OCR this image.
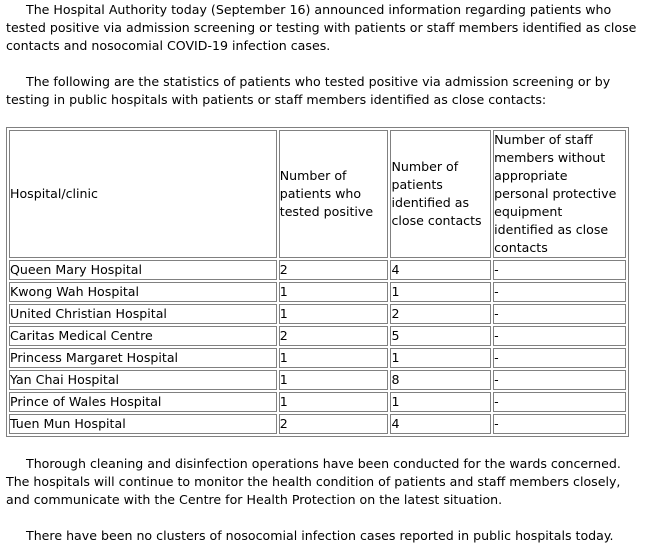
The Hospital Authority today (September 16) announced information regarding patients who tested positive via admission screening or testing with patients or staff members identified as close contacts and nosocomial COVID-19 infection cases.

The following are the statistics of patients who tested positive via admission screening or by testing in public hospitals with patients or staff members identified as close contacts:

Hospital/clinic	Number of patients who tested positive	Number of patients identified as close contacts	Number of staff members without appropriate personal protective equipment identified as close contacts
Queen Mary Hospital	2	4	-
Kwong Wah Hospital	1	1	-
United Christian Hospital	1	2	-
Caritas Medical Centre	2	5	-
Princess Margaret Hospital	1	1	-
Yan Chai Hospital	1	8	-
Prince of Wales Hospital	1	1	-
Tuen Mun Hospital	2	4	-

Thorough cleaning and disinfection operations have been conducted for the wards concerned. The hospitals will continue to monitor the health condition of patients and staff members closely, and communicate with the Centre for Health Protection on the latest situation.

There have been no clusters of nosocomial infection cases reported in public hospitals today.
